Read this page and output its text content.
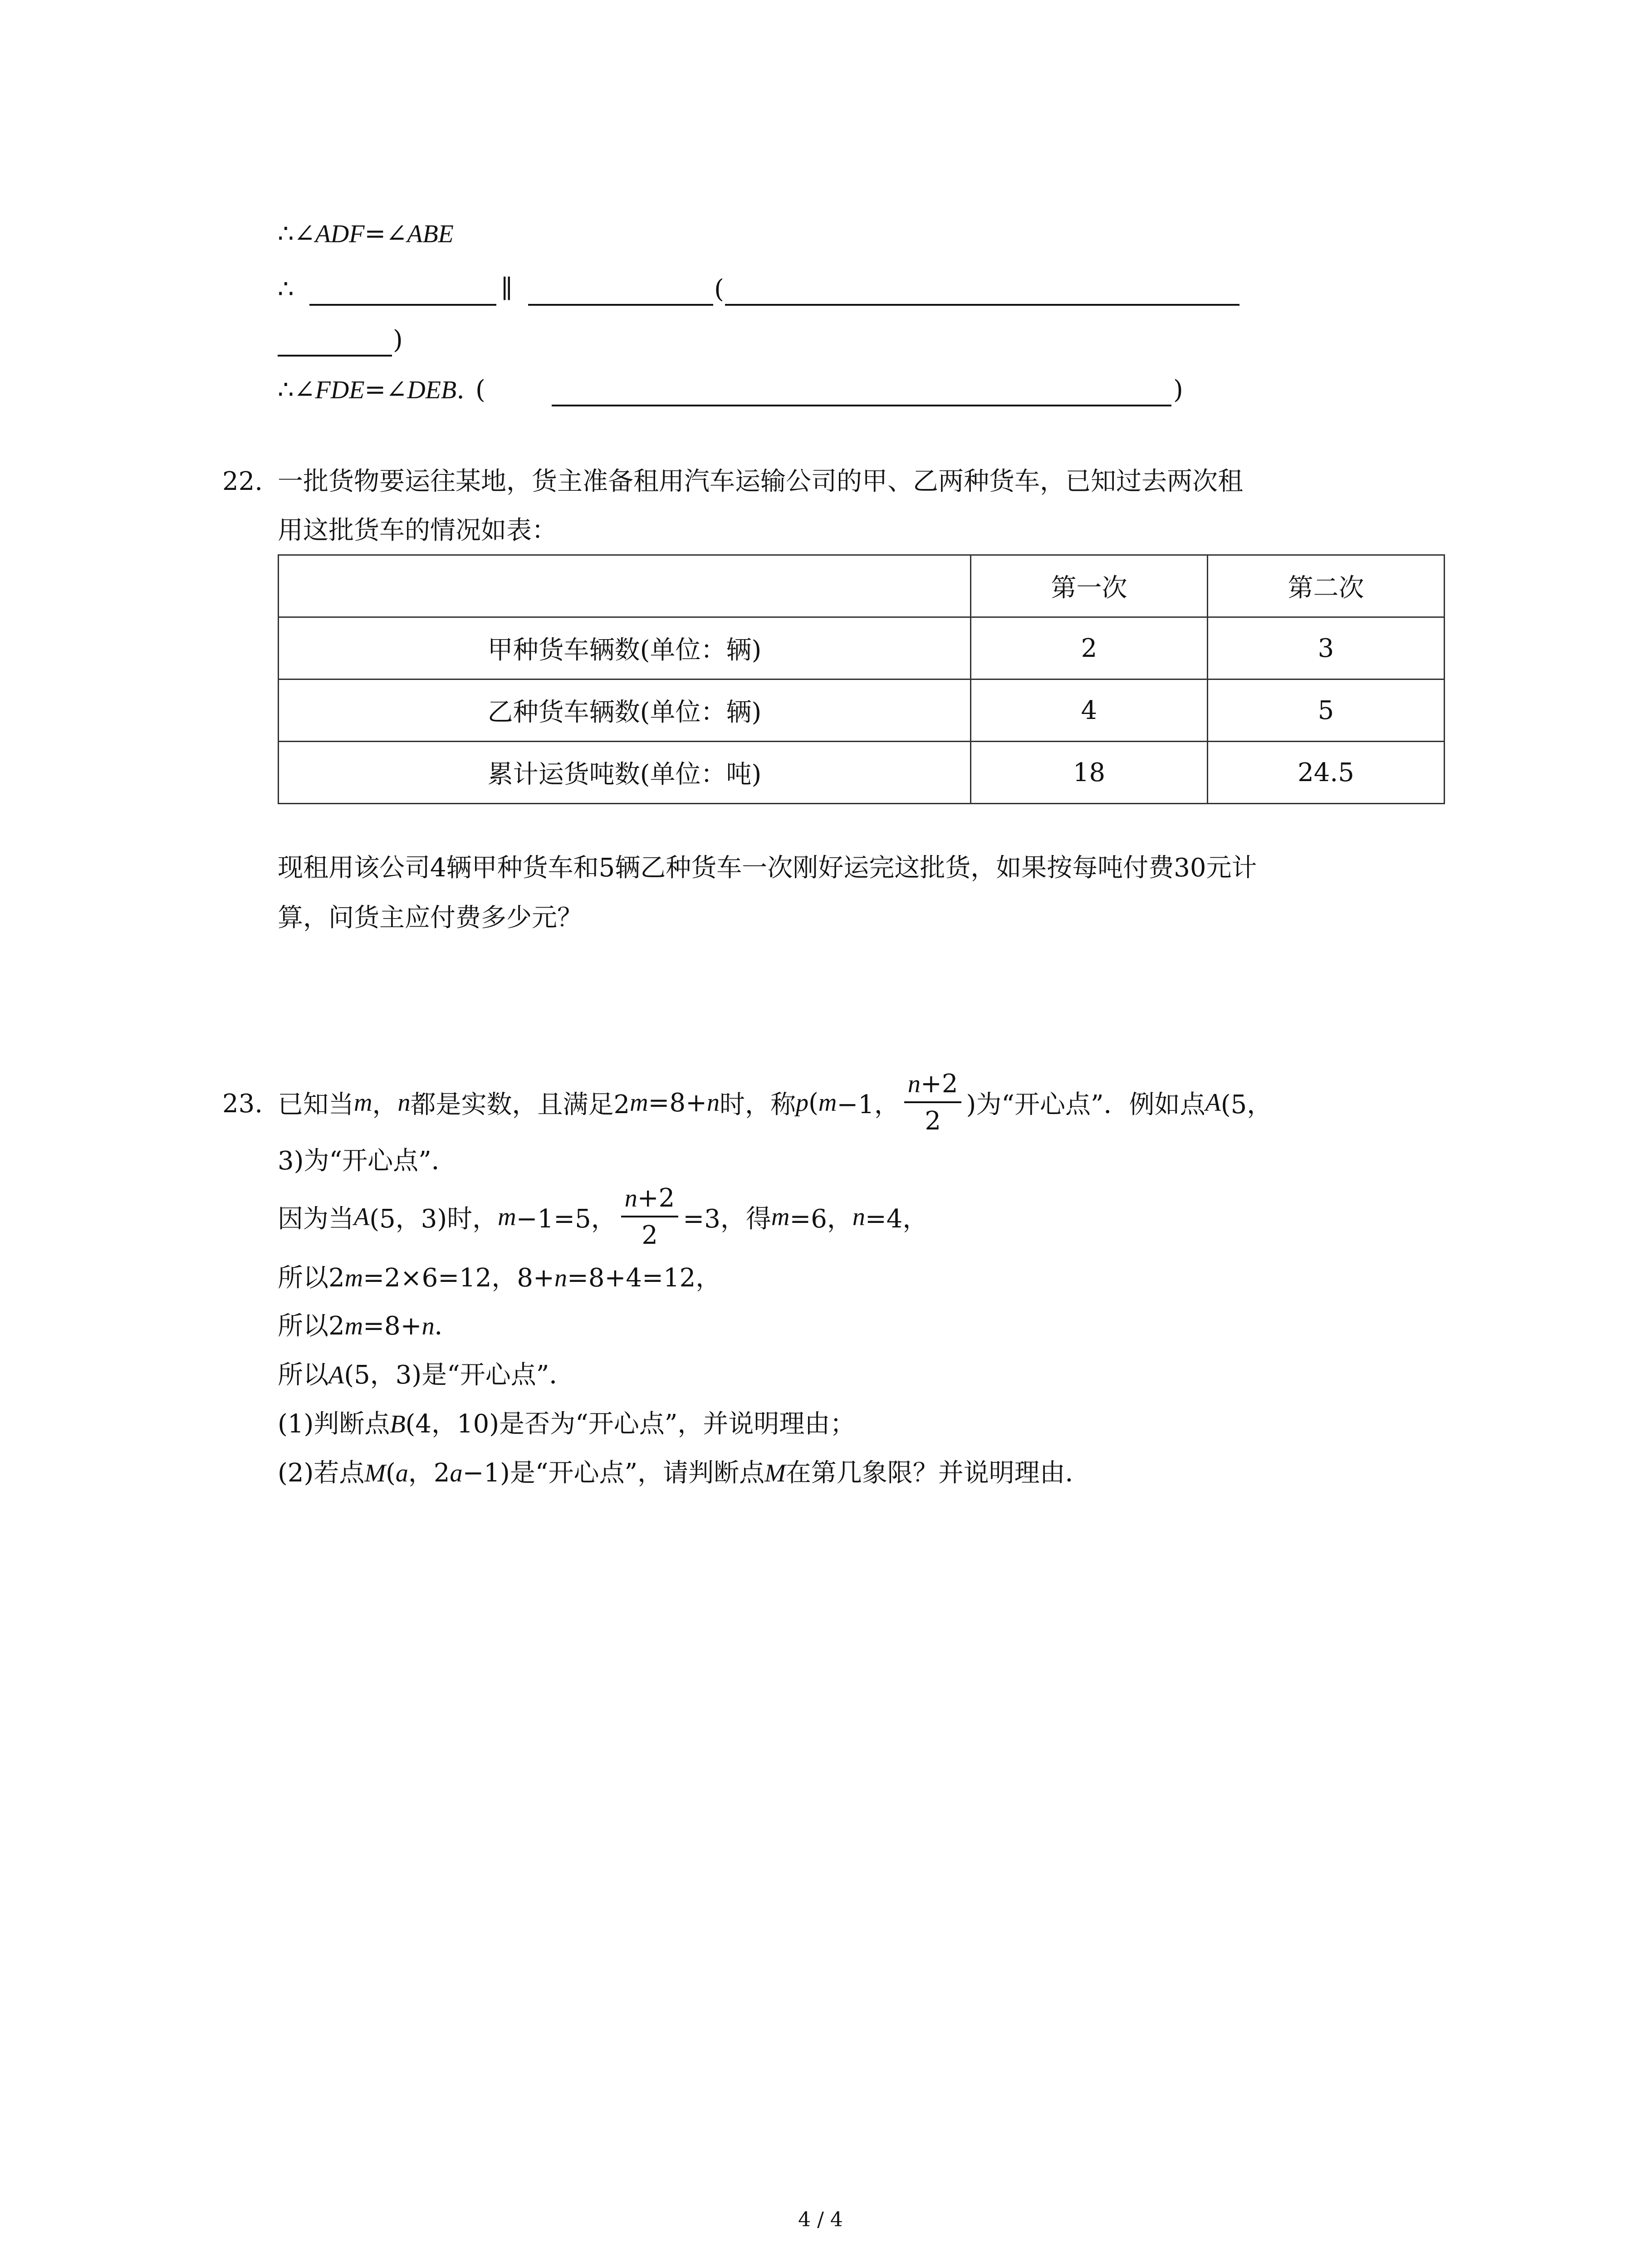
∴∠ADF=∠ABE
∴	∥	(
)
∴∠FDE=∠DEB. (	)
22. 一批货物要运往某地，货主准备租用汽车运输公司的甲、乙两种货车，已知过去两次租
用这批货车的情况如表：
	第一次	第二次
甲种货车辆数(单位：辆)	2	3
乙种货车辆数(单位：辆)	4	5
累计运货吨数(单位：吨)	18	24.5
现租用该公司4辆甲种货车和5辆乙种货车一次刚好运完这批货，如果按每吨付费30元计
算，问货主应付费多少元？
23. 已知当 m ， n 都是实数，且满足2 m =8+ n 时，称 p ( m −1， $\frac{n+2}{2}$ )为“开心点”．例如点 A (5，
3)为“开心点”．
因为当 A (5，3)时， m −1=5， $\frac{n+2}{2} =3$，得 m =6， n =4，
所以2m=2×6=12，8+n=8+4=12，
所以2m=8+n．
所以A(5，3)是“开心点”．
(1)判断点B(4，10)是否为“开心点”，并说明理由；
(2)若点M(a，2a−1)是“开心点”，请判断点M在第几象限？并说明理由．
4 / 4
